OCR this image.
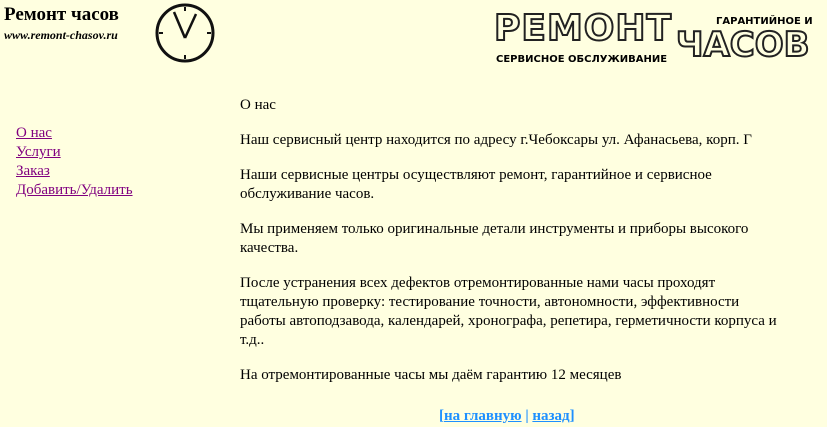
Ремонт часов
www.remont-chasov.ru	РЕМОНТ	ГАРАНТИЙНОЕ И
ЧАСОВ
СЕРВИСНОЕ ОБСЛУЖИВАНИЕ
О нас
Услуги
Заказ
Добавить/Удалить

О нас

Наш сервисный центр находится по адресу г.Чебоксары ул. Афанасьева, корп. Г

Наши сервисные центры осуществляют ремонт, гарантийное и сервисное обслуживание часов.

Мы применяем только оригинальные детали инструменты и приборы высокого качества.

После устранения всех дефектов отремонтированные нами часы проходят тщательную проверку: тестирование точности, автономности, эффективности работы автоподзавода, календарей, хронографа, репетира, герметичности корпуса и т.д..

На отремонтированные часы мы даём гарантию 12 месяцев

[на главную | назад]
